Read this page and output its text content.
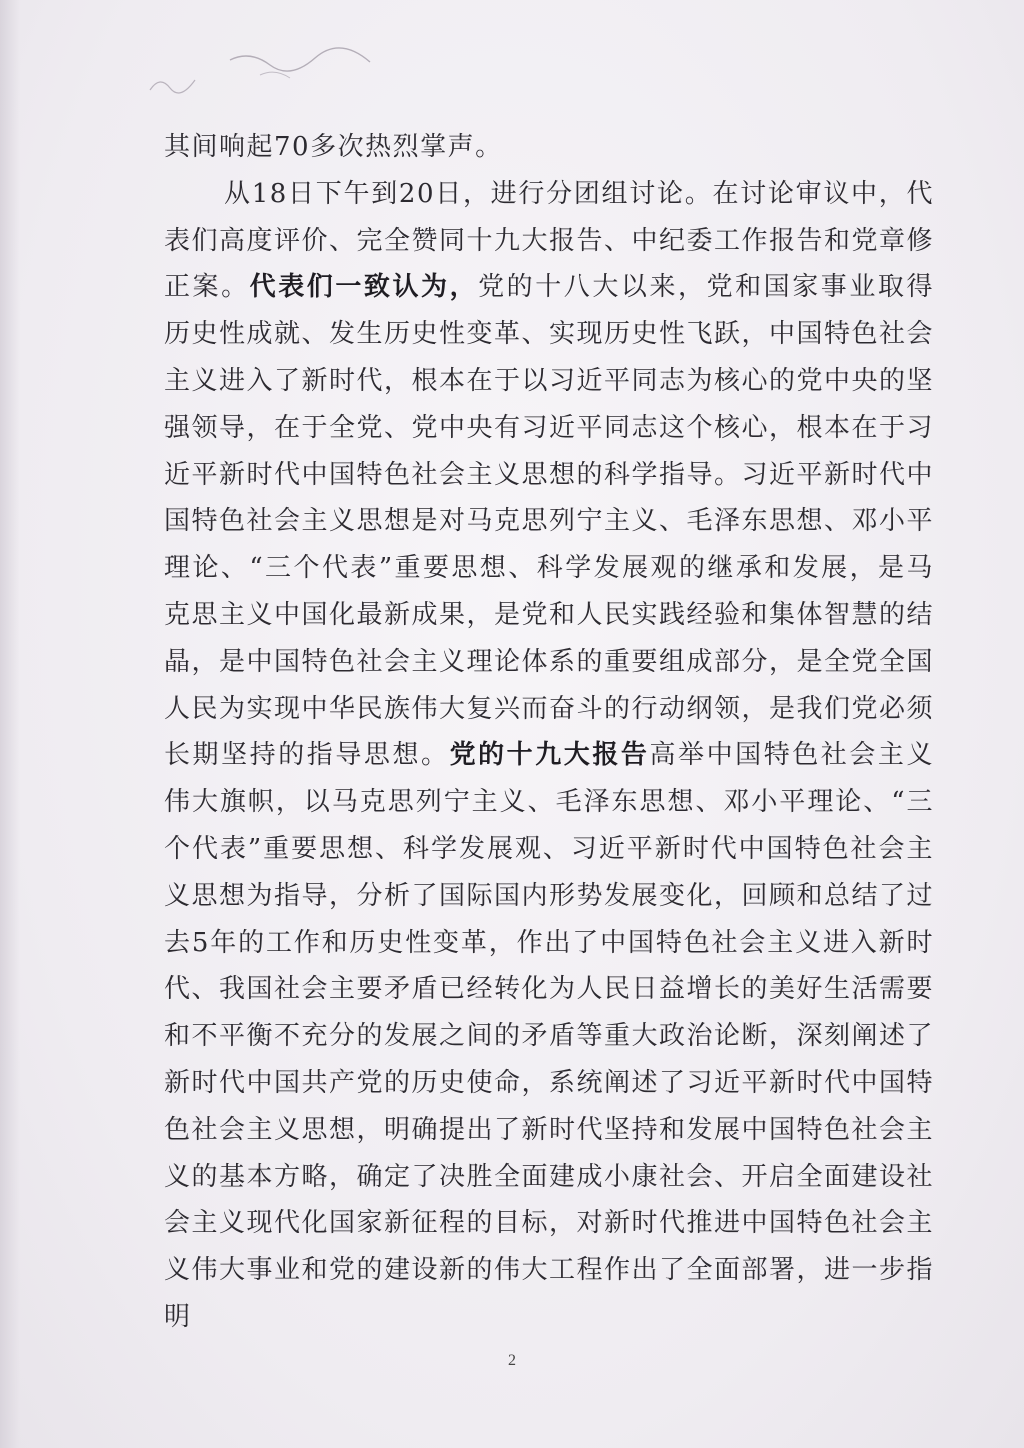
其间响起70多次热烈掌声。

从18日下午到20日，进行分团组讨论。在讨论审议中，代表们高度评价、完全赞同十九大报告、中纪委工作报告和党章修正案。代表们一致认为，党的十八大以来，党和国家事业取得历史性成就、发生历史性变革、实现历史性飞跃，中国特色社会主义进入了新时代，根本在于以习近平同志为核心的党中央的坚强领导，在于全党、党中央有习近平同志这个核心，根本在于习近平新时代中国特色社会主义思想的科学指导。习近平新时代中国特色社会主义思想是对马克思列宁主义、毛泽东思想、邓小平理论、“三个代表”重要思想、科学发展观的继承和发展，是马克思主义中国化最新成果，是党和人民实践经验和集体智慧的结晶，是中国特色社会主义理论体系的重要组成部分，是全党全国人民为实现中华民族伟大复兴而奋斗的行动纲领，是我们党必须长期坚持的指导思想。党的十九大报告高举中国特色社会主义伟大旗帜，以马克思列宁主义、毛泽东思想、邓小平理论、“三个代表”重要思想、科学发展观、习近平新时代中国特色社会主义思想为指导，分析了国际国内形势发展变化，回顾和总结了过去5年的工作和历史性变革，作出了中国特色社会主义进入新时代、我国社会主要矛盾已经转化为人民日益增长的美好生活需要和不平衡不充分的发展之间的矛盾等重大政治论断，深刻阐述了新时代中国共产党的历史使命，系统阐述了习近平新时代中国特色社会主义思想，明确提出了新时代坚持和发展中国特色社会主义的基本方略，确定了决胜全面建成小康社会、开启全面建设社会主义现代化国家新征程的目标，对新时代推进中国特色社会主义伟大事业和党的建设新的伟大工程作出了全面部署，进一步指明

2
